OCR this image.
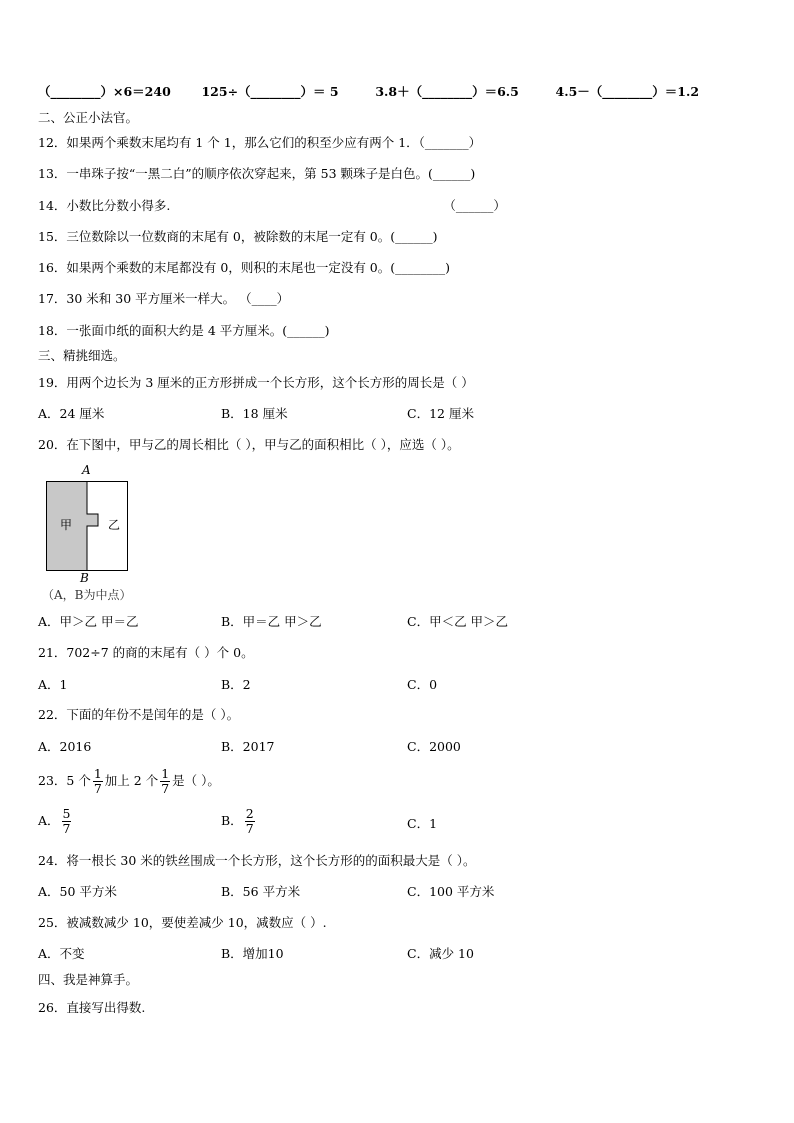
（________）×6＝240 125÷（________）＝ 5	3.8＋（________）＝6.5	4.5－（________）＝1.2
二、公正小法官。
12．如果两个乘数末尾均有 1 个 1，那么它们的积至少应有两个 1．（_______）
13．一串珠子按“一黑二白”的顺序依次穿起来，第 53 颗珠子是白色。(______)
14．小数比分数小得多.	（______）
15．三位数除以一位数商的末尾有 0，被除数的末尾一定有 0。(______)
16．如果两个乘数的末尾都没有 0，则积的末尾也一定没有 0。(________)
17．30 米和 30 平方厘米一样大。 （____）
18．一张面巾纸的面积大约是 4 平方厘米。(______)
三、精挑细选。
19．用两个边长为 3 厘米的正方形拼成一个长方形，这个长方形的周长是（ ）
A．24 厘米	B．18 厘米	C．12 厘米
20．在下图中，甲与乙的周长相比（ ），甲与乙的面积相比（ ），应选（ ）。
A
甲	乙
B
（A，B为中点）
A．甲＞乙 甲＝乙	B．甲＝乙 甲＞乙	C．甲＜乙 甲＞乙
21．702÷7 的商的末尾有（ ）个 0。
A．1	B．2	C．0
22．下面的年份不是闰年的是（ ）。
A．2016	B．2017	C．2000
23．5 个 $\frac{1}{7}$ 加上 2 个 $\frac{1}{7}$ 是（ ）。
A． $\frac{5}{7}$	B． $\frac{2}{7}$	C．1
24．将一根长 30 米的铁丝围成一个长方形，这个长方形的的面积最大是（ ）。
A．50 平方米	B．56 平方米	C．100 平方米
25．被减数减少 10，要使差减少 10，减数应（ ）.
A．不变	B．增加10	C．减少 10
四、我是神算手。
26．直接写出得数.
